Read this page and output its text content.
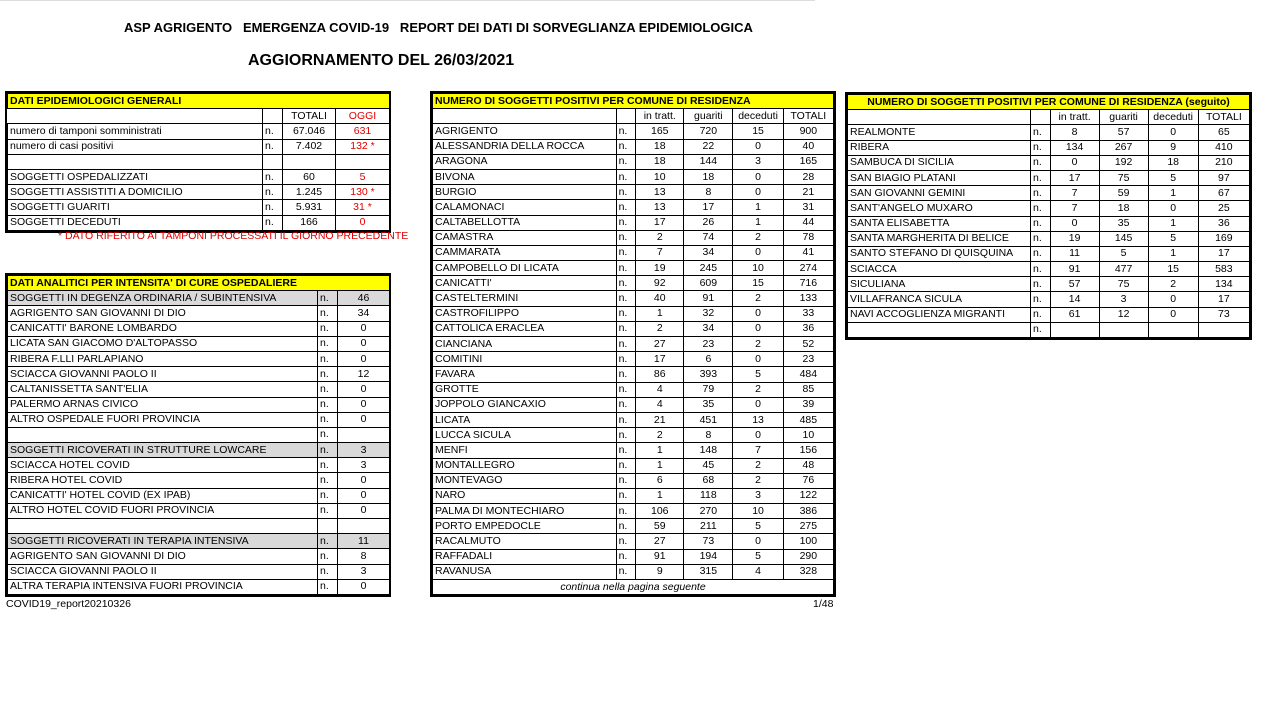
ASP AGRIGENTO   EMERGENZA COVID-19   REPORT DEI DATI DI SORVEGLIANZA EPIDEMIOLOGICA
AGGIORNAMENTO DEL 26/03/2021
DATI EPIDEMIOLOGICI GENERALI			
		TOTALI	OGGI
numero di tamponi somministrati	n.	67.046	631
numero di casi positivi	n.	7.402	132 *

SOGGETTI OSPEDALIZZATI	n.	60	5
SOGGETTI ASSISTITI A DOMICILIO	n.	1.245	130 *
SOGGETTI GUARITI	n.	5.931	31 *
SOGGETTI DECEDUTI	n.	166	0
* DATO RIFERITO AI TAMPONI PROCESSATI IL GIORNO PRECEDENTE
DATI ANALITICI PER INTENSITA' DI CURE OSPEDALIERE		
SOGGETTI IN DEGENZA ORDINARIA / SUBINTENSIVA	n.	46
AGRIGENTO SAN GIOVANNI DI DIO	n.	34
CANICATTI' BARONE LOMBARDO	n.	0
LICATA SAN GIACOMO D'ALTOPASSO	n.	0
RIBERA F.LLI PARLAPIANO	n.	0
SCIACCA GIOVANNI PAOLO II	n.	12
CALTANISSETTA SANT'ELIA	n.	0
PALERMO ARNAS CIVICO	n.	0
ALTRO OSPEDALE FUORI PROVINCIA	n.	0
	n.	
SOGGETTI RICOVERATI IN STRUTTURE LOWCARE	n.	3
SCIACCA HOTEL COVID	n.	3
RIBERA HOTEL COVID	n.	0
CANICATTI' HOTEL COVID (EX IPAB)	n.	0
ALTRO HOTEL COVID FUORI PROVINCIA	n.	0

SOGGETTI RICOVERATI IN TERAPIA INTENSIVA	n.	11
AGRIGENTO SAN GIOVANNI DI DIO	n.	8
SCIACCA GIOVANNI PAOLO II	n.	3
ALTRA TERAPIA INTENSIVA FUORI PROVINCIA	n.	0
NUMERO DI SOGGETTI POSITIVI PER COMUNE DI RESIDENZA					
		in tratt.	guariti	deceduti	TOTALI
AGRIGENTO	n.	165	720	15	900
ALESSANDRIA DELLA ROCCA	n.	18	22	0	40
ARAGONA	n.	18	144	3	165
BIVONA	n.	10	18	0	28
BURGIO	n.	13	8	0	21
CALAMONACI	n.	13	17	1	31
CALTABELLOTTA	n.	17	26	1	44
CAMASTRA	n.	2	74	2	78
CAMMARATA	n.	7	34	0	41
CAMPOBELLO DI LICATA	n.	19	245	10	274
CANICATTI'	n.	92	609	15	716
CASTELTERMINI	n.	40	91	2	133
CASTROFILIPPO	n.	1	32	0	33
CATTOLICA ERACLEA	n.	2	34	0	36
CIANCIANA	n.	27	23	2	52
COMITINI	n.	17	6	0	23
FAVARA	n.	86	393	5	484
GROTTE	n.	4	79	2	85
JOPPOLO GIANCAXIO	n.	4	35	0	39
LICATA	n.	21	451	13	485
LUCCA SICULA	n.	2	8	0	10
MENFI	n.	1	148	7	156
MONTALLEGRO	n.	1	45	2	48
MONTEVAGO	n.	6	68	2	76
NARO	n.	1	118	3	122
PALMA DI MONTECHIARO	n.	106	270	10	386
PORTO EMPEDOCLE	n.	59	211	5	275
RACALMUTO	n.	27	73	0	100
RAFFADALI	n.	91	194	5	290
RAVANUSA	n.	9	315	4	328
continua nella pagina seguente					
NUMERO DI SOGGETTI POSITIVI PER COMUNE DI RESIDENZA (seguito)					
		in tratt.	guariti	deceduti	TOTALI
REALMONTE	n.	8	57	0	65
RIBERA	n.	134	267	9	410
SAMBUCA DI SICILIA	n.	0	192	18	210
SAN BIAGIO PLATANI	n.	17	75	5	97
SAN GIOVANNI GEMINI	n.	7	59	1	67
SANT'ANGELO MUXARO	n.	7	18	0	25
SANTA ELISABETTA	n.	0	35	1	36
SANTA MARGHERITA DI BELICE	n.	19	145	5	169
SANTO STEFANO DI QUISQUINA	n.	11	5	1	17
SCIACCA	n.	91	477	15	583
SICULIANA	n.	57	75	2	134
VILLAFRANCA SICULA	n.	14	3	0	17
NAVI ACCOGLIENZA MIGRANTI	n.	61	12	0	73
	n.				
COVID19_report20210326	1/48
